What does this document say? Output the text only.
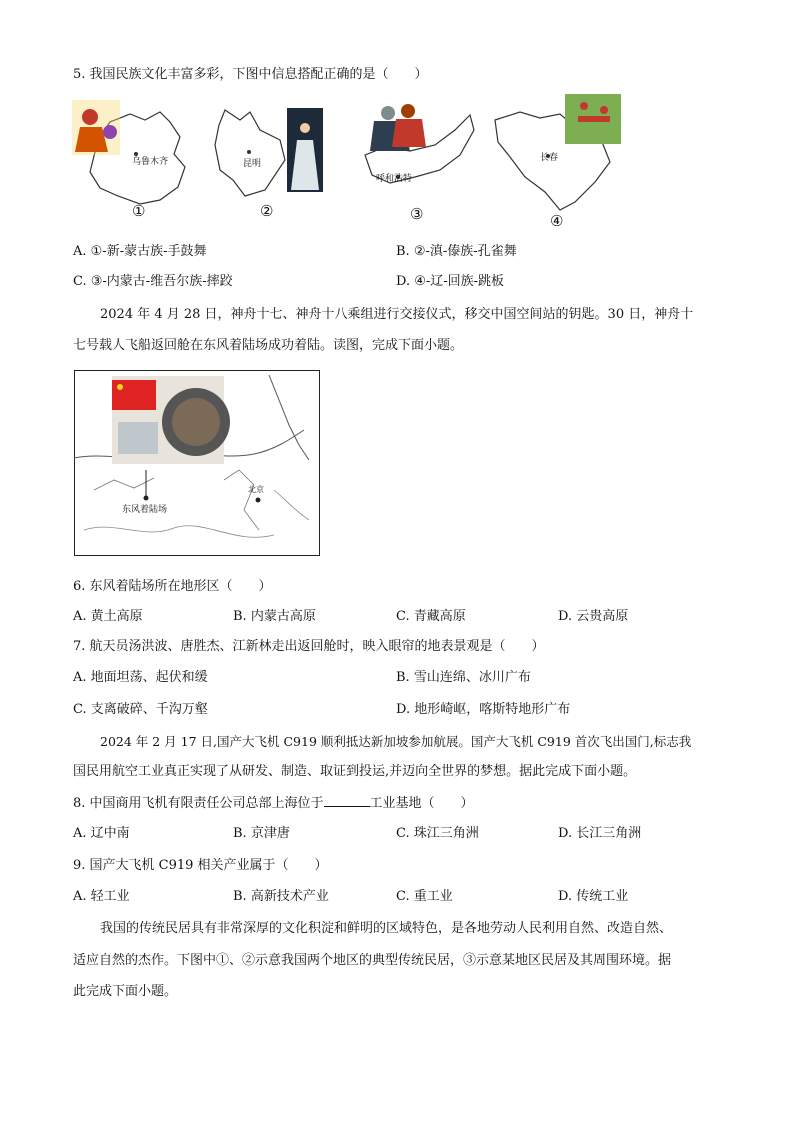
5. 我国民族文化丰富多彩，下图中信息搭配正确的是（　　）
乌鲁木齐
①
昆明
②
呼和浩特
③
长春
④
A. ①-新-蒙古族-手鼓舞	B. ②-滇-傣族-孔雀舞
C. ③-内蒙古-维吾尔族-摔跤	D. ④-辽-回族-跳板
2024 年 4 月 28 日，神舟十七、神舟十八乘组进行交接仪式，移交中国空间站的钥匙。30 日，神舟十
七号载人飞船返回舱在东风着陆场成功着陆。读图，完成下面小题。
东风着陆场
北京
6. 东风着陆场所在地形区（　　）
A. 黄土高原	B. 内蒙古高原	C. 青藏高原	D. 云贵高原
7. 航天员汤洪波、唐胜杰、江新林走出返回舱时，映入眼帘的地表景观是（　　）
A. 地面坦荡、起伏和缓	B. 雪山连绵、冰川广布
C. 支离破碎、千沟万壑	D. 地形崎岖，喀斯特地形广布
2024 年 2 月 17 日,国产大飞机 C919 顺利抵达新加坡参加航展。国产大飞机 C919 首次飞出国门,标志我
国民用航空工业真正实现了从研发、制造、取证到投运,并迈向全世界的梦想。据此完成下面小题。
8. 中国商用飞机有限责任公司总部上海位于	工业基地（　　）
A. 辽中南	B. 京津唐	C. 珠江三角洲	D. 长江三角洲
9. 国产大飞机 C919 相关产业属于（　　）
A. 轻工业	B. 高新技术产业	C. 重工业	D. 传统工业
我国的传统民居具有非常深厚的文化积淀和鲜明的区域特色，是各地劳动人民利用自然、改造自然、
适应自然的杰作。下图中①、②示意我国两个地区的典型传统民居，③示意某地区民居及其周围环境。据
此完成下面小题。
